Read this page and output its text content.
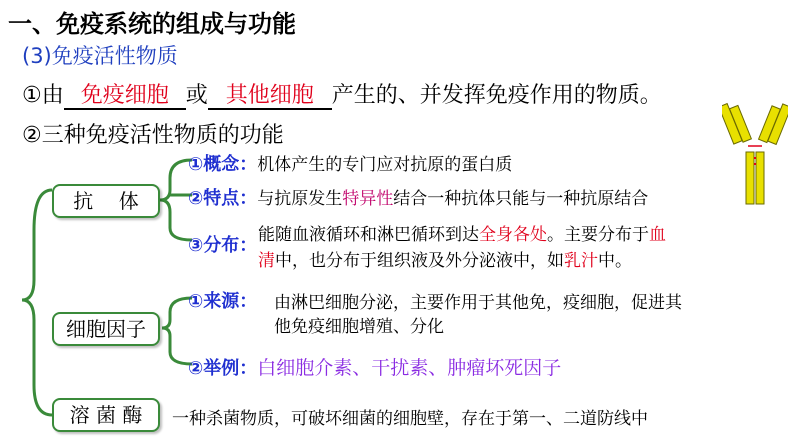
一、免疫系统的组成与功能
(3)免疫活性物质
①由 免疫细胞 或 其他细胞 产生的、并发挥免疫作用的物质。
②三种免疫活性物质的功能
抗    体
细胞因子
溶 菌 酶
①概念：机体产生的专门应对抗原的蛋白质
②特点：与抗原发生特异性结合一种抗体只能与一种抗原结合
③分布： 能随血液循环和淋巴循环到达全身各处。主要分布于血
清中，也分布于组织液及外分泌液中，如乳汁中。
①来源： 由淋巴细胞分泌，主要作用于其他免，疫细胞，促进其
他免疫细胞增殖、分化
②举例：白细胞介素、干扰素、肿瘤坏死因子
一种杀菌物质，可破坏细菌的细胞壁，存在于第一、二道防线中
